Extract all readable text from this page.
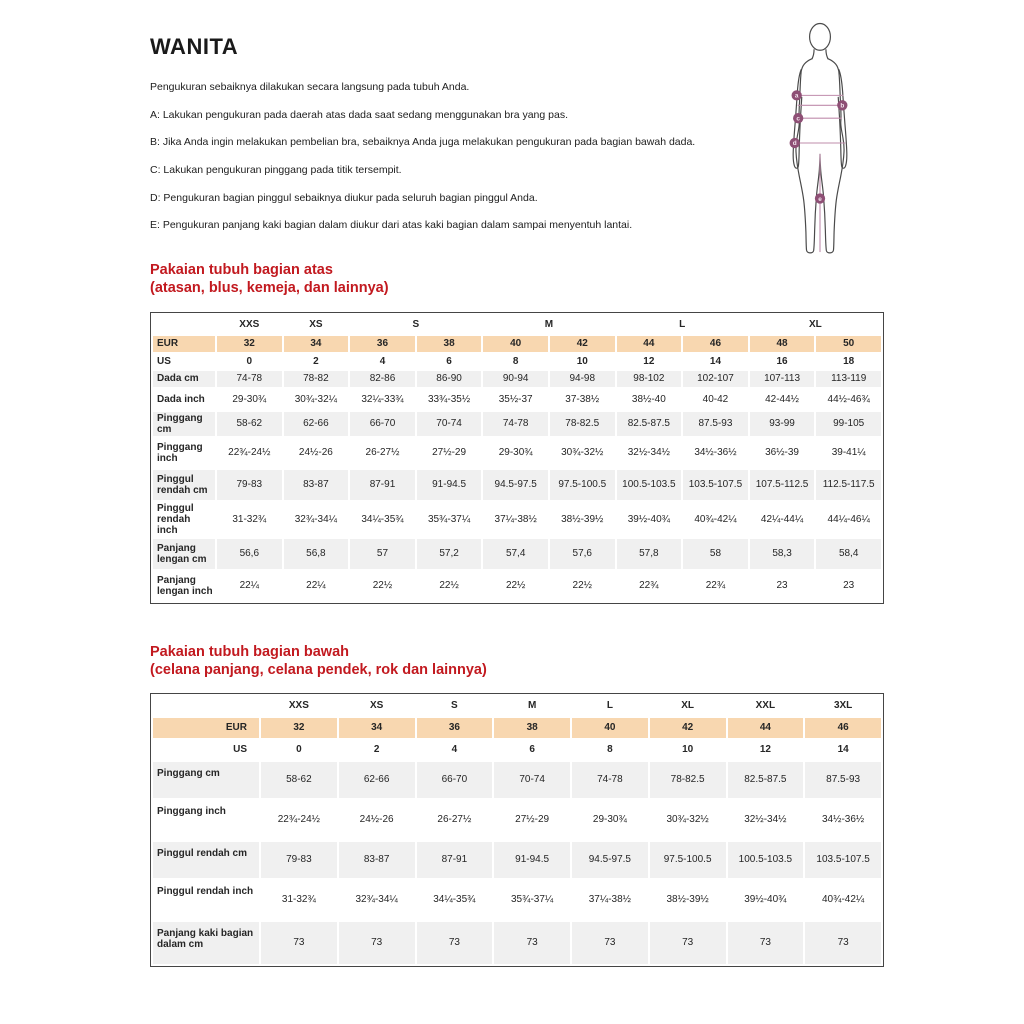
WANITA

Pengukuran sebaiknya dilakukan secara langsung pada tubuh Anda.

A: Lakukan pengukuran pada daerah atas dada saat sedang menggunakan bra yang pas.

B: Jika Anda ingin melakukan pembelian bra, sebaiknya Anda juga melakukan pengukuran pada bagian bawah dada.

C: Lakukan pengukuran pinggang pada titik tersempit.

D: Pengukuran bagian pinggul sebaiknya diukur pada seluruh bagian pinggul Anda.

E: Pengukuran panjang kaki bagian dalam diukur dari atas kaki bagian dalam sampai menyentuh lantai.

Pakaian tubuh bagian atas
(atasan, blus, kemeja, dan lainnya)
	XXS	XS	S		M		L		XL	
EUR	32	34	36	38	40	42	44	46	48	50
US	0	2	4	6	8	10	12	14	16	18
Dada cm	74-78	78-82	82-86	86-90	90-94	94-98	98-102	102-107	107-113	113-119
Dada inch	29-30¾	30¾-32¼	32¼-33¾	33¾-35½	35½-37	37-38½	38½-40	40-42	42-44½	44½-46¾
Pinggang cm	58-62	62-66	66-70	70-74	74-78	78-82.5	82.5-87.5	87.5-93	93-99	99-105
Pinggang inch	22¾-24½	24½-26	26-27½	27½-29	29-30¾	30¾-32½	32½-34½	34½-36½	36½-39	39-41¼
Pinggul rendah cm	79-83	83-87	87-91	91-94.5	94.5-97.5	97.5-100.5	100.5-103.5	103.5-107.5	107.5-112.5	112.5-117.5
Pinggul rendah inch	31-32¾	32¾-34¼	34¼-35¾	35¾-37¼	37¼-38½	38½-39½	39½-40¾	40¾-42¼	42¼-44¼	44¼-46¼
Panjang lengan cm	56,6	56,8	57	57,2	57,4	57,6	57,8	58	58,3	58,4
Panjang lengan inch	22¼	22¼	22½	22½	22½	22½	22¾	22¾	23	23
Pakaian tubuh bagian bawah
(celana panjang, celana pendek, rok dan lainnya)
	XXS	XS	S	M	L	XL	XXL	3XL
EUR	32	34	36	38	40	42	44	46
US	0	2	4	6	8	10	12	14
Pinggang cm	58-62	62-66	66-70	70-74	74-78	78-82.5	82.5-87.5	87.5-93
Pinggang inch	22¾-24½	24½-26	26-27½	27½-29	29-30¾	30¾-32½	32½-34½	34½-36½
Pinggul rendah cm	79-83	83-87	87-91	91-94.5	94.5-97.5	97.5-100.5	100.5-103.5	103.5-107.5
Pinggul rendah inch	31-32¾	32¾-34¼	34¼-35¾	35¾-37¼	37¼-38½	38½-39½	39½-40¾	40¾-42¼
Panjang kaki bagian dalam cm	73	73	73	73	73	73	73	73
a
b
c
d
e
